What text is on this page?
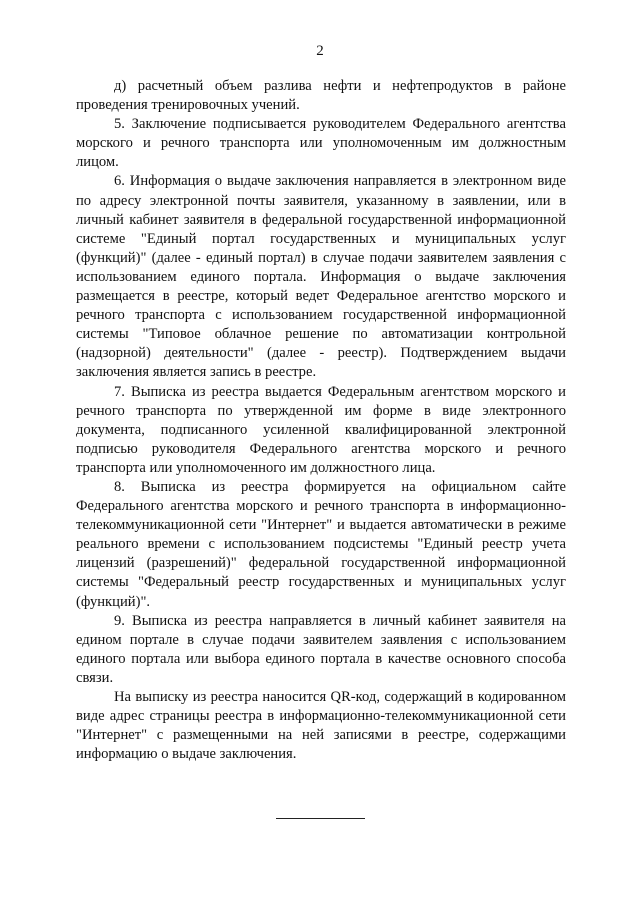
2

д) расчетный объем разлива нефти и нефтепродуктов в районе проведения тренировочных учений.

5. Заключение подписывается руководителем Федерального агентства морского и речного транспорта или уполномоченным им должностным лицом.

6. Информация о выдаче заключения направляется в электронном виде по адресу электронной почты заявителя, указанному в заявлении, или в личный кабинет заявителя в федеральной государственной информационной системе "Единый портал государственных и муниципальных услуг (функций)" (далее - единый портал) в случае подачи заявителем заявления с использованием единого портала. Информация о выдаче заключения размещается в реестре, который ведет Федеральное агентство морского и речного транспорта с использованием государственной информационной системы "Типовое облачное решение по автоматизации контрольной (надзорной) деятельности" (далее - реестр). Подтверждением выдачи заключения является запись в реестре.

7. Выписка из реестра выдается Федеральным агентством морского и речного транспорта по утвержденной им форме в виде электронного документа, подписанного усиленной квалифицированной электронной подписью руководителя Федерального агентства морского и речного транспорта или уполномоченного им должностного лица.

8. Выписка из реестра формируется на официальном сайте Федерального агентства морского и речного транспорта в информационно-телекоммуникационной сети "Интернет" и выдается автоматически в режиме реального времени с использованием подсистемы "Единый реестр учета лицензий (разрешений)" федеральной государственной информационной системы "Федеральный реестр государственных и муниципальных услуг (функций)".

9. Выписка из реестра направляется в личный кабинет заявителя на едином портале в случае подачи заявителем заявления с использованием единого портала или выбора единого портала в качестве основного способа связи.

На выписку из реестра наносится QR-код, содержащий в кодированном виде адрес страницы реестра в информационно-телекоммуникационной сети "Интернет" с размещенными на ней записями в реестре, содержащими информацию о выдаче заключения.
